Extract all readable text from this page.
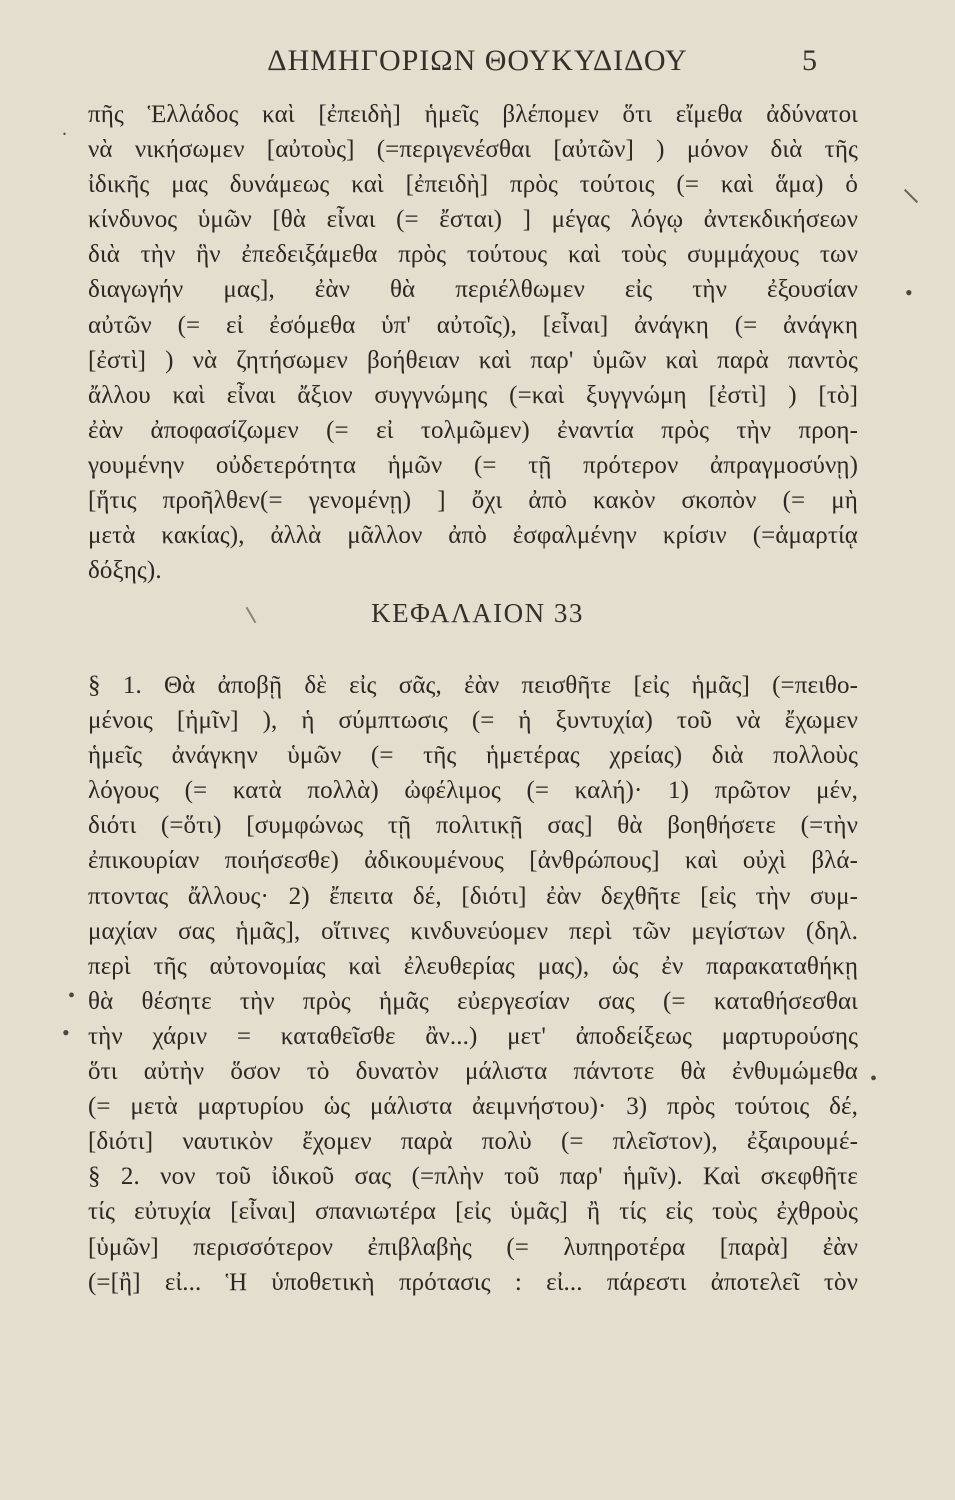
ΔΗΜΗΓΟΡΙΩΝ ΘΟΥΚΥΔΙΔΟΥ	5
πῆς Ἑλλάδος καὶ [ἐπειδὴ] ἡμεῖς βλέπομεν ὅτι εἴμεθα ἀδύνατοι
νὰ νικήσωμεν [αὐτοὺς] (=περιγενέσθαι [αὐτῶν] ) μόνον διὰ τῆς
ἰδικῆς μας δυνάμεως καὶ [ἐπειδὴ] πρὸς τούτοις (= καὶ ἅμα) ὁ
κίνδυνος ὑμῶν [θὰ εἶναι (= ἔσται) ] μέγας λόγῳ ἀντεκδικήσεων
διὰ τὴν ἣν ἐπεδειξάμεθα πρὸς τούτους καὶ τοὺς συμμάχους των
διαγωγήν μας], ἐὰν θὰ περιέλθωμεν εἰς τὴν ἐξουσίαν
αὐτῶν (= εἰ ἐσόμεθα ὑπ' αὐτοῖς), [εἶναι] ἀνάγκη (= ἀνάγκη
[ἐστὶ] ) νὰ ζητήσωμεν βοήθειαν καὶ παρ' ὑμῶν καὶ παρὰ παντὸς
ἄλλου καὶ εἶναι ἄξιον συγγνώμης (=καὶ ξυγγνώμη [ἐστὶ] ) [τὸ]
ἐὰν ἀποφασίζωμεν (= εἰ τολμῶμεν) ἐναντία πρὸς τὴν προη-
γουμένην οὐδετερότητα ἡμῶν (= τῇ πρότερον ἀπραγμοσύνῃ)
[ἥτις προῆλθεν(= γενομένῃ) ] ὄχι ἀπὸ κακὸν σκοπὸν (= μὴ
μετὰ κακίας), ἀλλὰ μᾶλλον ἀπὸ ἐσφαλμένην κρίσιν (=ἁμαρτίᾳ
δόξης).
ΚΕΦΑΛΑΙΟΝ 33
§ 1. Θὰ ἀποβῇ δὲ εἰς σᾶς, ἐὰν πεισθῆτε [εἰς ἡμᾶς] (=πειθο-
μένοις [ἡμῖν] ), ἡ σύμπτωσις (= ἡ ξυντυχία) τοῦ νὰ ἔχωμεν
ἡμεῖς ἀνάγκην ὑμῶν (= τῆς ἡμετέρας χρείας) διὰ πολλοὺς
λόγους (= κατὰ πολλὰ) ὠφέλιμος (= καλή)· 1) πρῶτον μέν,
διότι (=ὅτι) [συμφώνως τῇ πολιτικῇ σας] θὰ βοηθήσετε (=τὴν
ἐπικουρίαν ποιήσεσθε) ἀδικουμένους [ἀνθρώπους] καὶ οὐχὶ βλά-
πτοντας ἄλλους· 2) ἔπειτα δέ, [διότι] ἐὰν δεχθῆτε [εἰς τὴν συμ-
μαχίαν σας ἡμᾶς], οἵτινες κινδυνεύομεν περὶ τῶν μεγίστων (δηλ.
περὶ τῆς αὐτονομίας καὶ ἐλευθερίας μας), ὡς ἐν παρακαταθήκῃ
θὰ θέσητε τὴν πρὸς ἡμᾶς εὐεργεσίαν σας (= καταθήσεσθαι
τὴν χάριν = καταθεῖσθε ἂν...) μετ' ἀποδείξεως μαρτυρούσης
ὅτι αὐτὴν ὅσον τὸ δυνατὸν μάλιστα πάντοτε θὰ ἐνθυμώμεθα
(= μετὰ μαρτυρίου ὡς μάλιστα ἀειμνήστου)· 3) πρὸς τούτοις δέ,
[διότι] ναυτικὸν ἔχομεν παρὰ πολὺ (= πλεῖστον), ἐξαιρουμέ-
§ 2. νον τοῦ ἰδικοῦ σας (=πλὴν τοῦ παρ' ἡμῖν). Καὶ σκεφθῆτε
τίς εὐτυχία [εἶναι] σπανιωτέρα [εἰς ὑμᾶς] ἢ τίς εἰς τοὺς ἐχθροὺς
[ὑμῶν] περισσότερον ἐπιβλαβὴς (= λυπηροτέρα [παρὰ] ἐὰν
(=[ἢ] εἰ... Ἡ ὑποθετικὴ πρότασις : εἰ... πάρεστι ἀποτελεῖ τὸν
.
•
•
•
•
